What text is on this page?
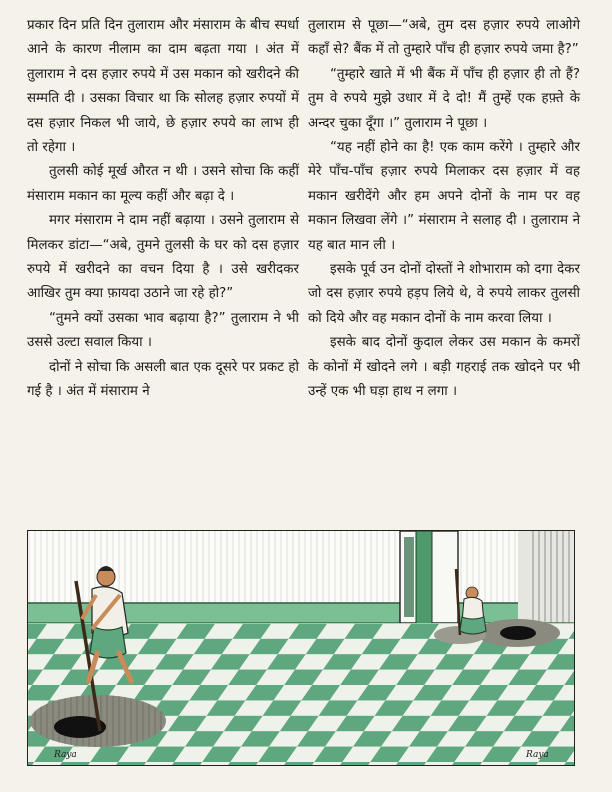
प्रकार दिन प्रति दिन तुलाराम और मंसाराम के बीच स्पर्धा आने के कारण नीलाम का दाम बढ़ता गया । अंत में तुलाराम ने दस हज़ार रुपये में उस मकान को खरीदने की सम्मति दी । उसका विचार था कि सोलह हज़ार रुपयों में दस हज़ार निकल भी जाये, छे हज़ार रुपये का लाभ ही तो रहेगा ।

तुलसी कोई मूर्ख औरत न थी । उसने सोचा कि कहीं मंसाराम मकान का मूल्य कहीं और बढ़ा दे ।

मगर मंसाराम ने दाम नहीं बढ़ाया । उसने तुलाराम से मिलकर डांटा—“अबे, तुमने तुलसी के घर को दस हज़ार रुपये में खरीदने का वचन दिया है । उसे खरीदकर आखिर तुम क्या फ़ायदा उठाने जा रहे हो?”

“तुमने क्यों उसका भाव बढ़ाया है?” तुलाराम ने भी उससे उल्टा सवाल किया ।

दोनों ने सोचा कि असली बात एक दूसरे पर प्रकट हो गई है । अंत में मंसाराम ने

तुलाराम से पूछा—“अबे, तुम दस हज़ार रुपये लाओगे कहाँ से? बैंक में तो तुम्हारे पाँच ही हज़ार रुपये जमा है?”

“तुम्हारे खाते में भी बैंक में पाँच ही हज़ार ही तो हैं? तुम वे रुपये मुझे उधार में दे दो! मैं तुम्हें एक हफ़्ते के अन्दर चुका दूँगा ।” तुलाराम ने पूछा ।

“यह नहीं होने का है! एक काम करेंगे । तुम्हारे और मेरे पाँच-पाँच हज़ार रुपये मिलाकर दस हज़ार में वह मकान खरीदेंगे और हम अपने दोनों के नाम पर वह मकान लिखवा लेंगे ।” मंसाराम ने सलाह दी । तुलाराम ने यह बात मान ली ।

इसके पूर्व उन दोनों दोस्तों ने शोभाराम को दगा देकर जो दस हज़ार रुपये हड़प लिये थे, वे रुपये लाकर तुलसी को दिये और वह मकान दोनों के नाम करवा लिया ।

इसके बाद दोनों कुदाल लेकर उस मकान के कमरों के कोनों में खोदने लगे । बड़ी गहराई तक खोदने पर भी उन्हें एक भी घड़ा हाथ न लगा ।

Raya	Raya
